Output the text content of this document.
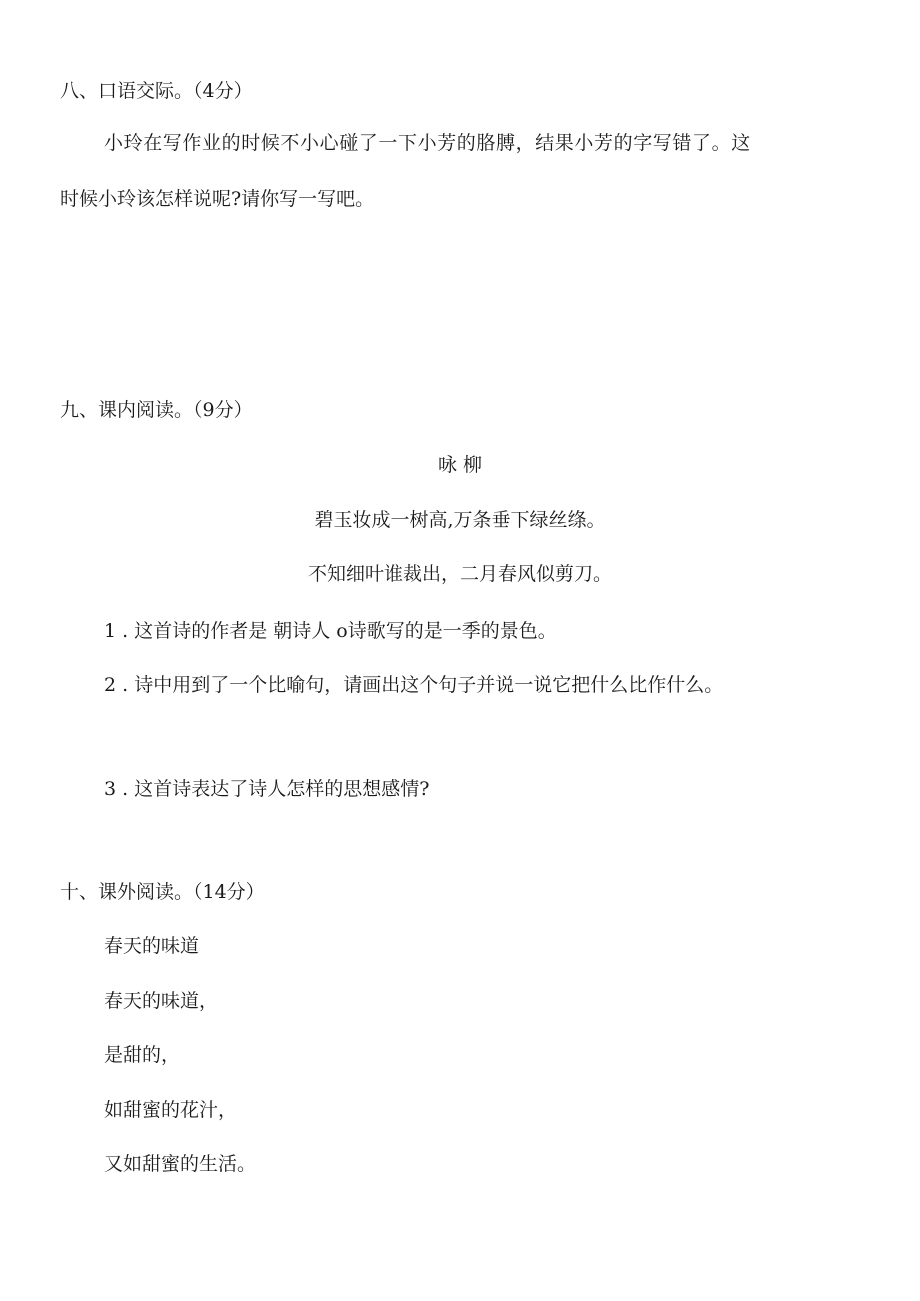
八、口语交际。（4分）
小玲在写作业的时候不小心碰了一下小芳的胳膊，结果小芳的字写错了。这
时候小玲该怎样说呢?请你写一写吧。
九、课内阅读。（9分）
咏 柳
碧玉妆成一树高,万条垂下绿丝绦。
不知细叶谁裁出，二月春风似剪刀。
1 . 这首诗的作者是 朝诗人 o诗歌写的是一季的景色。
2 . 诗中用到了一个比喻句，请画出这个句子并说一说它把什么比作什么。
3 . 这首诗表达了诗人怎样的思想感情?
十、课外阅读。（14分）
春天的味道
春天的味道，
是甜的，
如甜蜜的花汁，
又如甜蜜的生活。
